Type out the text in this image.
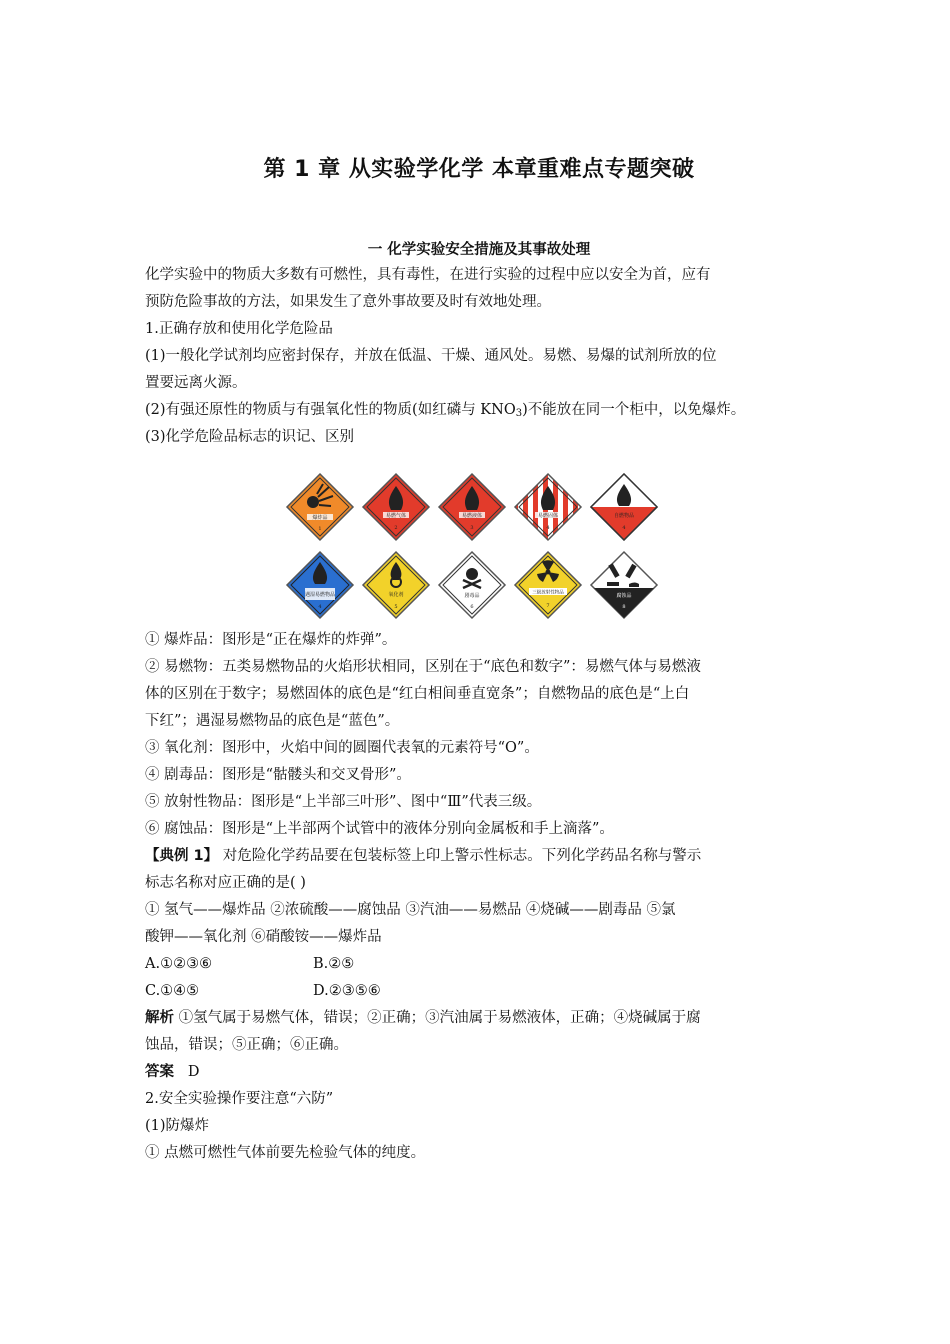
第 1 章 从实验学化学 本章重难点专题突破
一 化学实验安全措施及其事故处理
化学实验中的物质大多数有可燃性，具有毒性，在进行实验的过程中应以安全为首，应有
预防危险事故的方法，如果发生了意外事故要及时有效地处理。
1.正确存放和使用化学危险品
(1)一般化学试剂均应密封保存，并放在低温、干燥、通风处。易燃、易爆的试剂所放的位
置要远离火源。
(2)有强还原性的物质与有强氧化性的物质(如红磷与 $KNO_3$)不能放在同一个柜中，以免爆炸。
(3)化学危险品标志的识记、区别
爆炸品
1
易燃气体
2
易燃液体
3
易燃固体
4
自燃物品
4
遇湿易燃物品
4
氧化剂
5
剧毒品
6
三级放射性物品
7
腐蚀品
8
① 爆炸品：图形是“正在爆炸的炸弹”。
② 易燃物：五类易燃物品的火焰形状相同，区别在于“底色和数字”：易燃气体与易燃液
体的区别在于数字；易燃固体的底色是“红白相间垂直宽条”；自燃物品的底色是“上白
下红”；遇湿易燃物品的底色是“蓝色”。
③ 氧化剂：图形中，火焰中间的圆圈代表氧的元素符号“O”。
④ 剧毒品：图形是“骷髅头和交叉骨形”。
⑤ 放射性物品：图形是“上半部三叶形”、图中“Ⅲ”代表三级。
⑥ 腐蚀品：图形是“上半部两个试管中的液体分别向金属板和手上滴落”。
【典例 1】 对危险化学药品要在包装标签上印上警示性标志。下列化学药品名称与警示
标志名称对应正确的是( )
① 氢气——爆炸品 ②浓硫酸——腐蚀品 ③汽油——易燃品 ④烧碱——剧毒品 ⑤氯
酸钾——氧化剂 ⑥硝酸铵——爆炸品
A.①②③⑥	B.②⑤
C.①④⑤	D.②③⑤⑥
解析 ①氢气属于易燃气体，错误；②正确；③汽油属于易燃液体，正确；④烧碱属于腐
蚀品，错误；⑤正确；⑥正确。
答案 D
2.安全实验操作要注意“六防”
(1)防爆炸
① 点燃可燃性气体前要先检验气体的纯度。
